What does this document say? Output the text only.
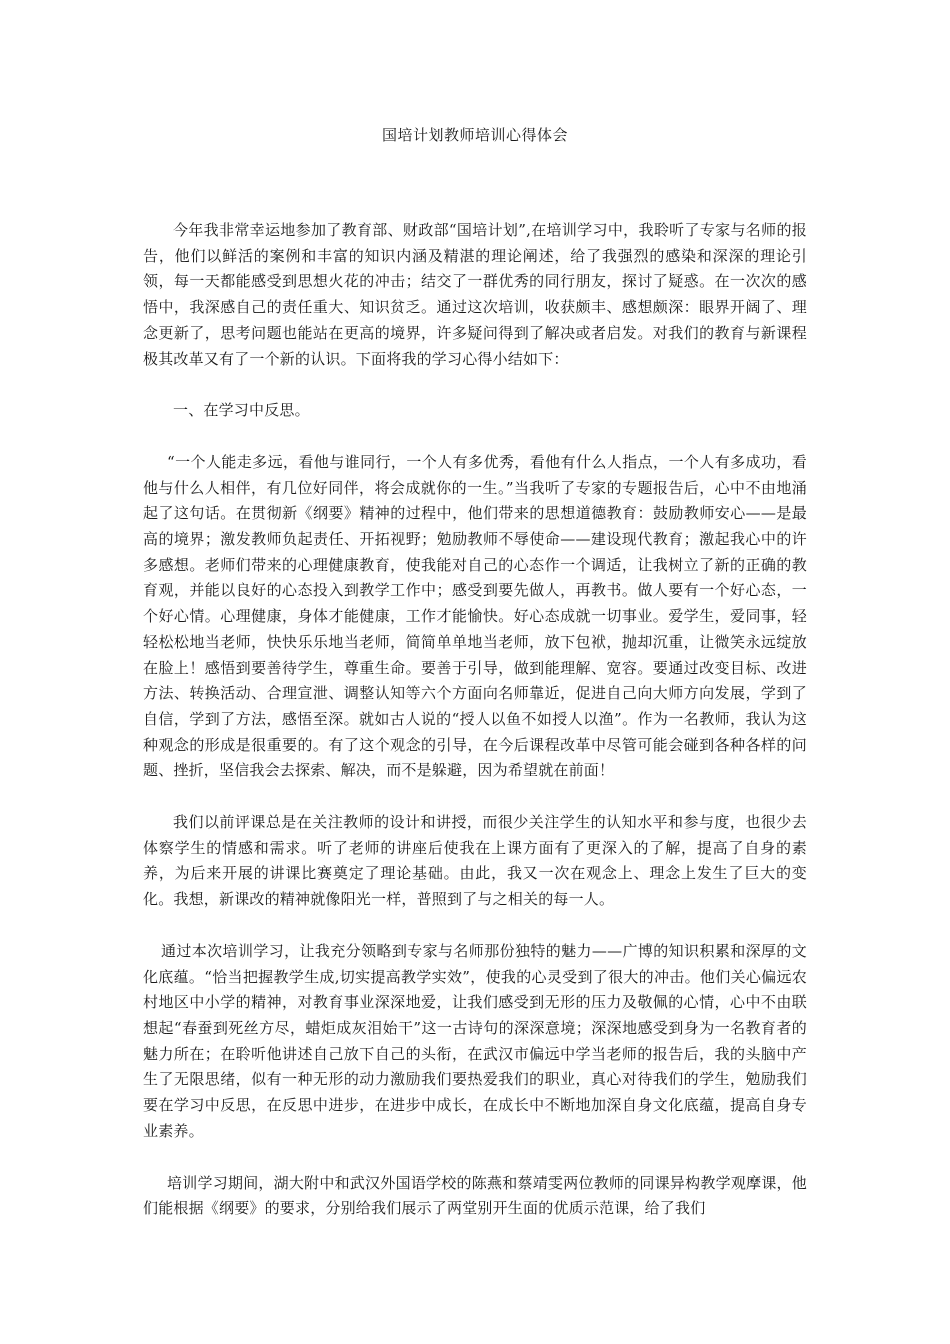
国培计划教师培训心得体会

今年我非常幸运地参加了教育部、财政部“国培计划”,在培训学习中，我聆听了专家与名师的报告，他们以鲜活的案例和丰富的知识内涵及精湛的理论阐述，给了我强烈的感染和深深的理论引领，每一天都能感受到思想火花的冲击；结交了一群优秀的同行朋友，探讨了疑惑。在一次次的感悟中，我深感自己的责任重大、知识贫乏。通过这次培训，收获颇丰、感想颇深：眼界开阔了、理念更新了，思考问题也能站在更高的境界，许多疑问得到了解决或者启发。对我们的教育与新课程极其改革又有了一个新的认识。下面将我的学习心得小结如下：

一、在学习中反思。

“一个人能走多远，看他与谁同行，一个人有多优秀，看他有什么人指点，一个人有多成功，看他与什么人相伴，有几位好同伴，将会成就你的一生。”当我听了专家的专题报告后，心中不由地涌起了这句话。在贯彻新《纲要》精神的过程中，他们带来的思想道德教育：鼓励教师安心——是最高的境界；激发教师负起责任、开拓视野；勉励教师不辱使命——建设现代教育；激起我心中的许多感想。老师们带来的心理健康教育，使我能对自己的心态作一个调适，让我树立了新的正确的教育观，并能以良好的心态投入到教学工作中；感受到要先做人，再教书。做人要有一个好心态，一个好心情。心理健康，身体才能健康，工作才能愉快。好心态成就一切事业。爱学生，爱同事，轻轻松松地当老师，快快乐乐地当老师，简简单单地当老师，放下包袱，抛却沉重，让微笑永远绽放在脸上！感悟到要善待学生，尊重生命。要善于引导，做到能理解、宽容。要通过改变目标、改进方法、转换活动、合理宣泄、调整认知等六个方面向名师靠近，促进自己向大师方向发展，学到了自信，学到了方法，感悟至深。就如古人说的“授人以鱼不如授人以渔”。作为一名教师，我认为这种观念的形成是很重要的。有了这个观念的引导，在今后课程改革中尽管可能会碰到各种各样的问题、挫折，坚信我会去探索、解决，而不是躲避，因为希望就在前面！

我们以前评课总是在关注教师的设计和讲授，而很少关注学生的认知水平和参与度，也很少去体察学生的情感和需求。听了老师的讲座后使我在上课方面有了更深入的了解，提高了自身的素养，为后来开展的讲课比赛奠定了理论基础。由此，我又一次在观念上、理念上发生了巨大的变化。我想，新课改的精神就像阳光一样，普照到了与之相关的每一人。

通过本次培训学习，让我充分领略到专家与名师那份独特的魅力——广博的知识积累和深厚的文化底蕴。“恰当把握教学生成,切实提高教学实效”，使我的心灵受到了很大的冲击。他们关心偏远农村地区中小学的精神，对教育事业深深地爱，让我们感受到无形的压力及敬佩的心情，心中不由联想起“春蚕到死丝方尽，蜡炬成灰泪始干”这一古诗句的深深意境；深深地感受到身为一名教育者的魅力所在；在聆听他讲述自己放下自己的头衔，在武汉市偏远中学当老师的报告后，我的头脑中产生了无限思绪，似有一种无形的动力激励我们要热爱我们的职业，真心对待我们的学生，勉励我们要在学习中反思，在反思中进步，在进步中成长，在成长中不断地加深自身文化底蕴，提高自身专业素养。

培训学习期间，湖大附中和武汉外国语学校的陈燕和蔡靖雯两位教师的同课异构教学观摩课，他们能根据《纲要》的要求，分别给我们展示了两堂别开生面的优质示范课，给了我们
